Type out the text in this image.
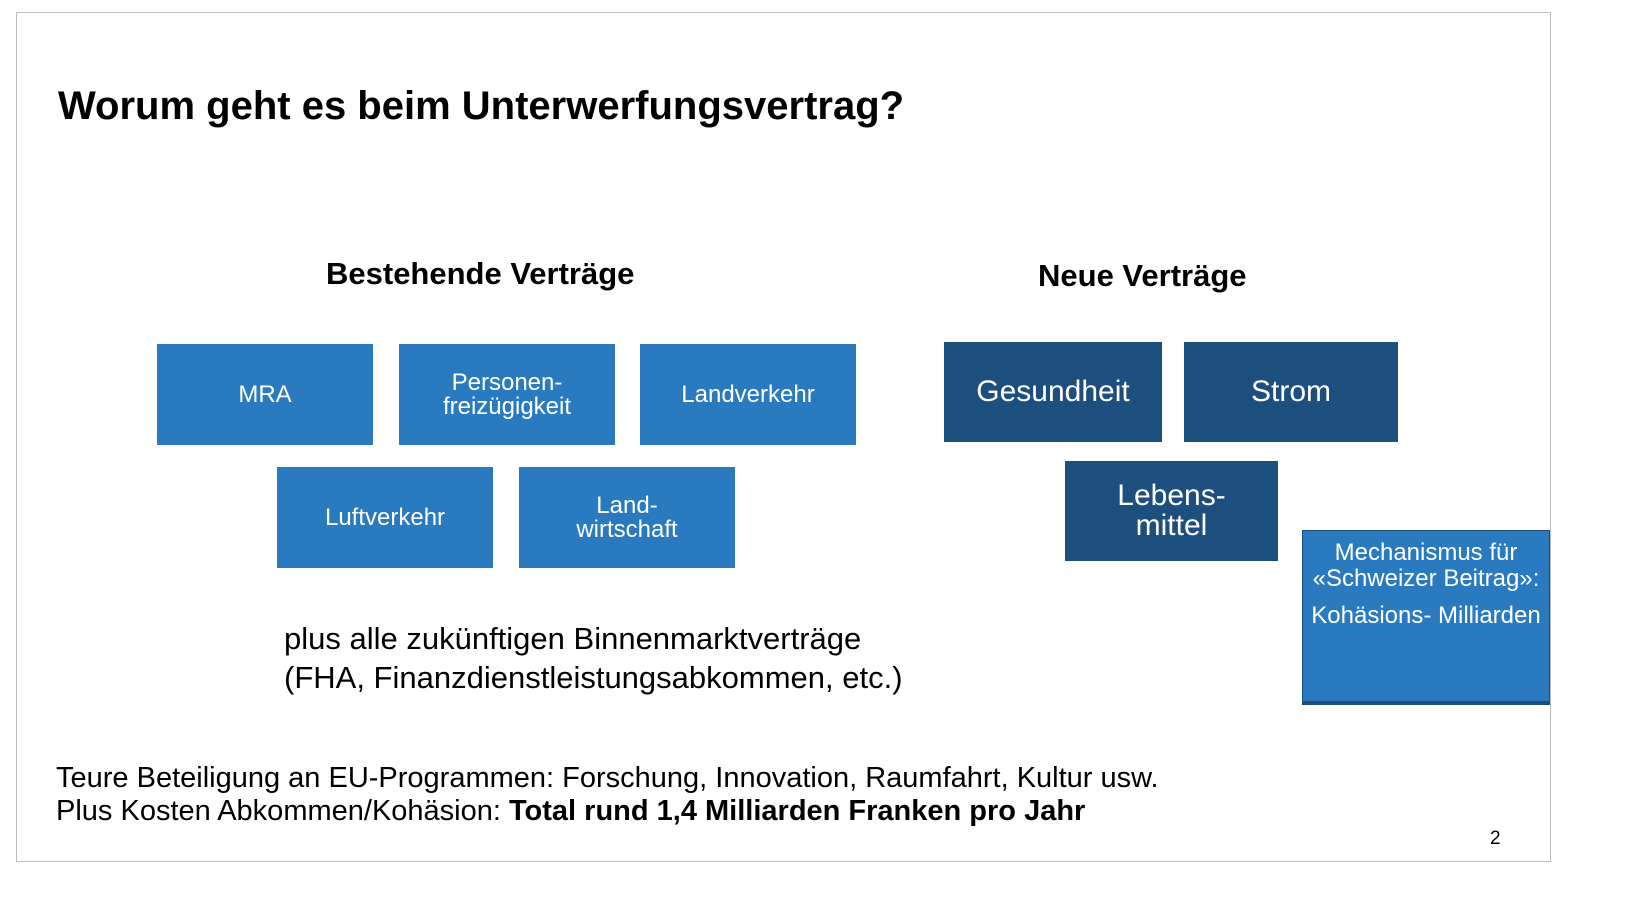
Worum geht es beim Unterwerfungsvertrag?
Bestehende Verträge	Neue Verträge
MRA	Personen-
freizügigkeit	Landverkehr
Luftverkehr	Land-
wirtschaft
Gesundheit	Strom
Lebens-
mittel
Mechanismus für «Schweizer Beitrag»:
Kohäsions- Milliarden
plus alle zukünftigen Binnenmarktverträge
(FHA, Finanzdienstleistungsabkommen, etc.)
Teure Beteiligung an EU-Programmen: Forschung, Innovation, Raumfahrt, Kultur usw.
Plus Kosten Abkommen/Kohäsion: Total rund 1,4 Milliarden Franken pro Jahr
2
